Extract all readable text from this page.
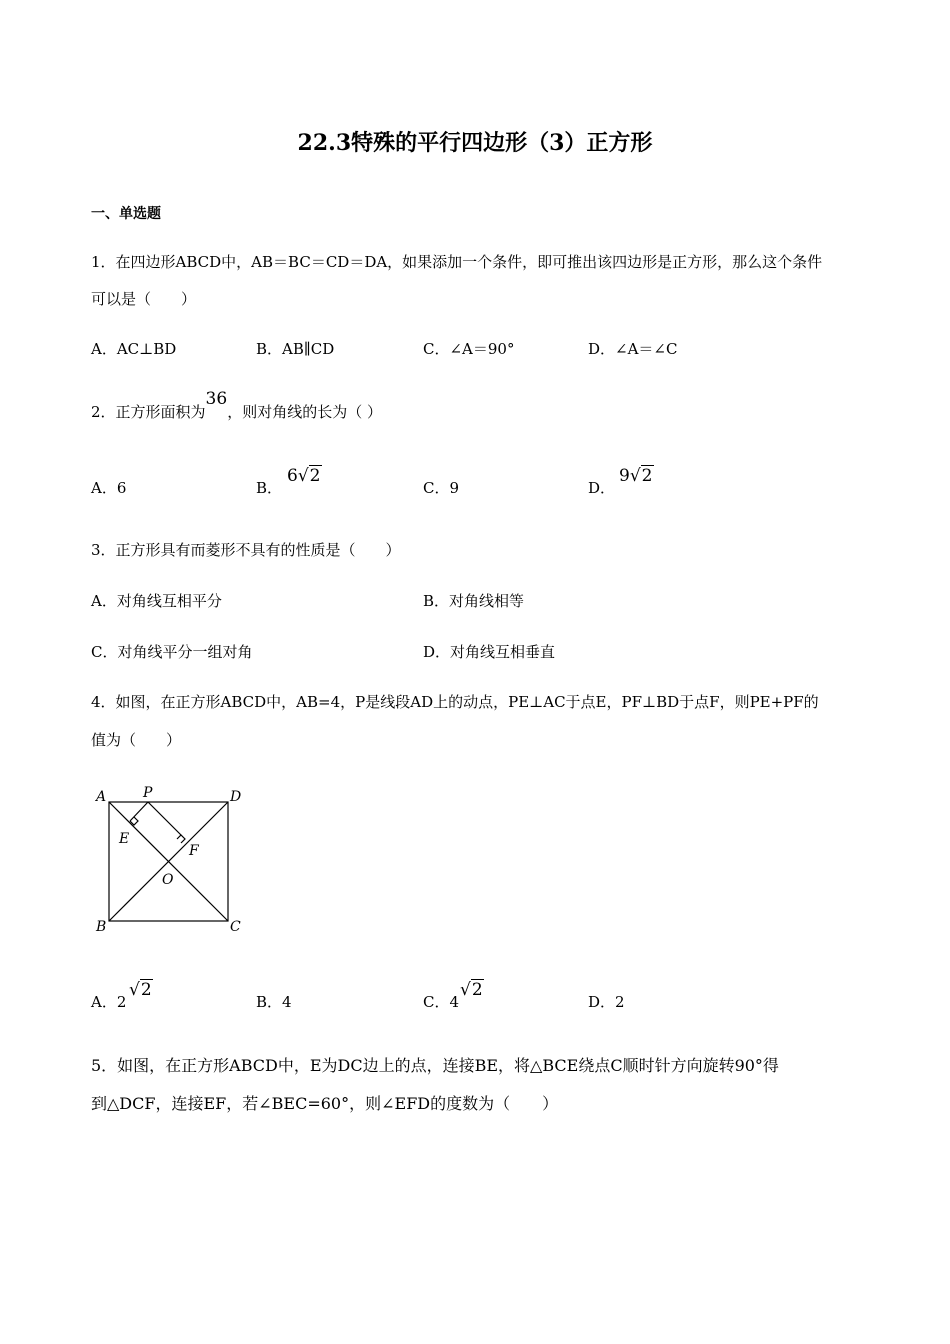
22.3特殊的平行四边形（3）正方形
一、单选题
1．在四边形ABCD中，AB＝BC＝CD＝DA，如果添加一个条件，即可推出该四边形是正方形，那么这个条件
可以是（　　）
A．AC⊥BD	B．AB∥CD	C．∠A＝90°	D．∠A＝∠C
2．正方形面积为36，则对角线的长为（ ）
A．6	B．
6√2
C．9	D．
9√2
3．正方形具有而菱形不具有的性质是（　　）
A．对角线互相平分	B．对角线相等
C．对角线平分一组对角	D．对角线互相垂直
4．如图，在正方形ABCD中，AB=4，P是线段AD上的动点，PE⊥AC于点E，PF⊥BD于点F，则PE+PF的
值为（　　）
A
B	C
D
P
E
F
O
A．2
√2
B．4	C．4
√2
D．2
5．如图，在正方形ABCD中，E为DC边上的点，连接BE，将△BCE绕点C顺时针方向旋转90°得
到△DCF，连接EF，若∠BEC=60°，则∠EFD的度数为（　　）
